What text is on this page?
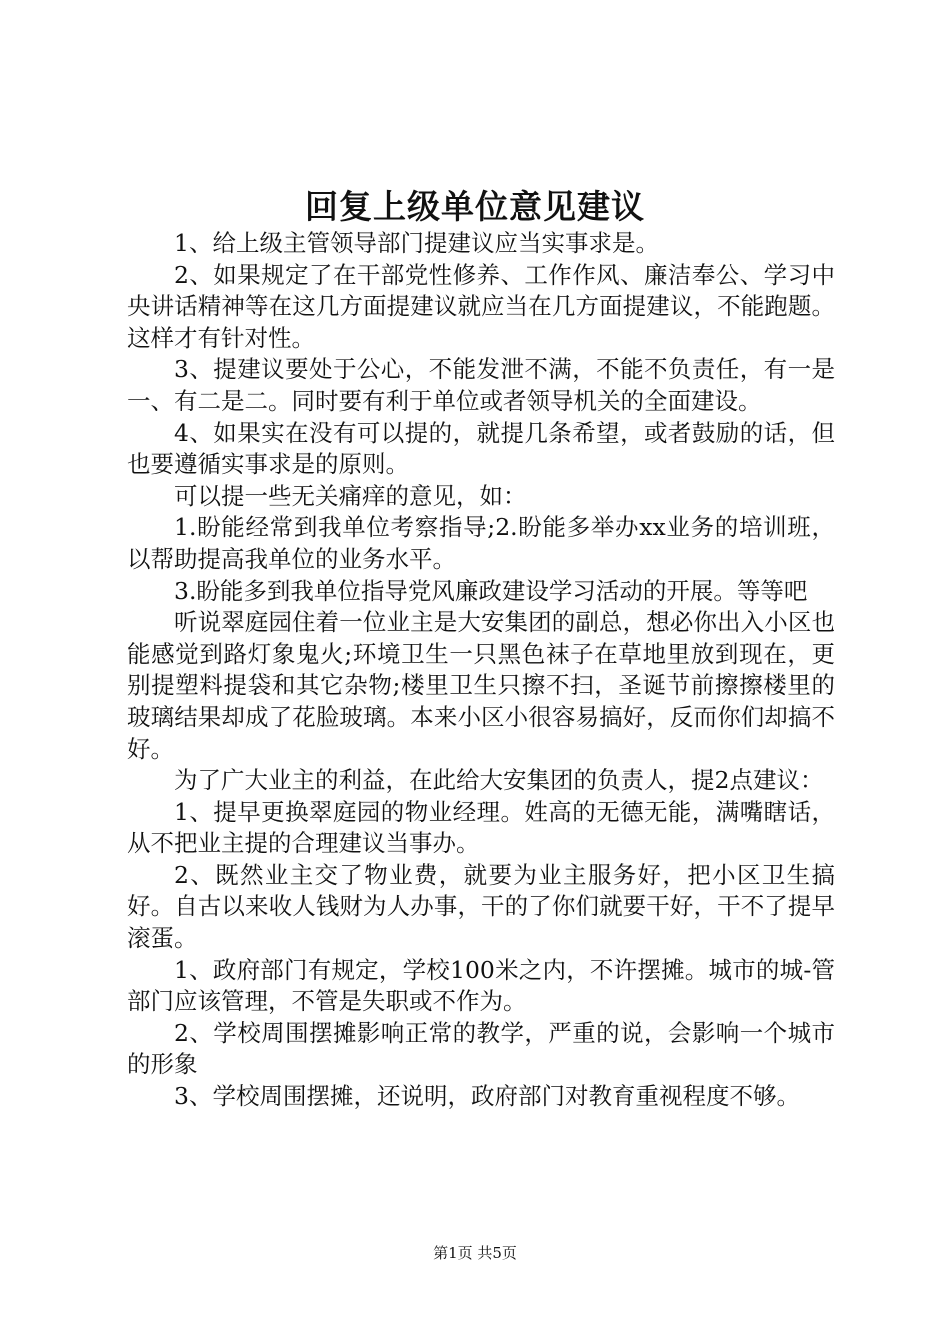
回复上级单位意见建议

1、给上级主管领导部门提建议应当实事求是。

2、如果规定了在干部党性修养、工作作风、廉洁奉公、学习中央讲话精神等在这几方面提建议就应当在几方面提建议，不能跑题。这样才有针对性。

3、提建议要处于公心，不能发泄不满，不能不负责任，有一是一、有二是二。同时要有利于单位或者领导机关的全面建设。

4、如果实在没有可以提的，就提几条希望，或者鼓励的话，但也要遵循实事求是的原则。

可以提一些无关痛痒的意见，如：

1.盼能经常到我单位考察指导;2.盼能多举办xx业务的培训班，以帮助提高我单位的业务水平。

3.盼能多到我单位指导党风廉政建设学习活动的开展。等等吧

听说翠庭园住着一位业主是大安集团的副总，想必你出入小区也能感觉到路灯象鬼火;环境卫生一只黑色袜子在草地里放到现在，更别提塑料提袋和其它杂物;楼里卫生只擦不扫，圣诞节前擦擦楼里的玻璃结果却成了花脸玻璃。本来小区小很容易搞好，反而你们却搞不好。

为了广大业主的利益，在此给大安集团的负责人，提2点建议：

1、提早更换翠庭园的物业经理。姓高的无德无能，满嘴瞎话，从不把业主提的合理建议当事办。

2、既然业主交了物业费，就要为业主服务好，把小区卫生搞好。自古以来收人钱财为人办事，干的了你们就要干好，干不了提早滚蛋。

1、政府部门有规定，学校100米之内，不许摆摊。城市的城-管部门应该管理，不管是失职或不作为。

2、学校周围摆摊影响正常的教学，严重的说，会影响一个城市的形象

3、学校周围摆摊，还说明，政府部门对教育重视程度不够。

第1页 共5页
